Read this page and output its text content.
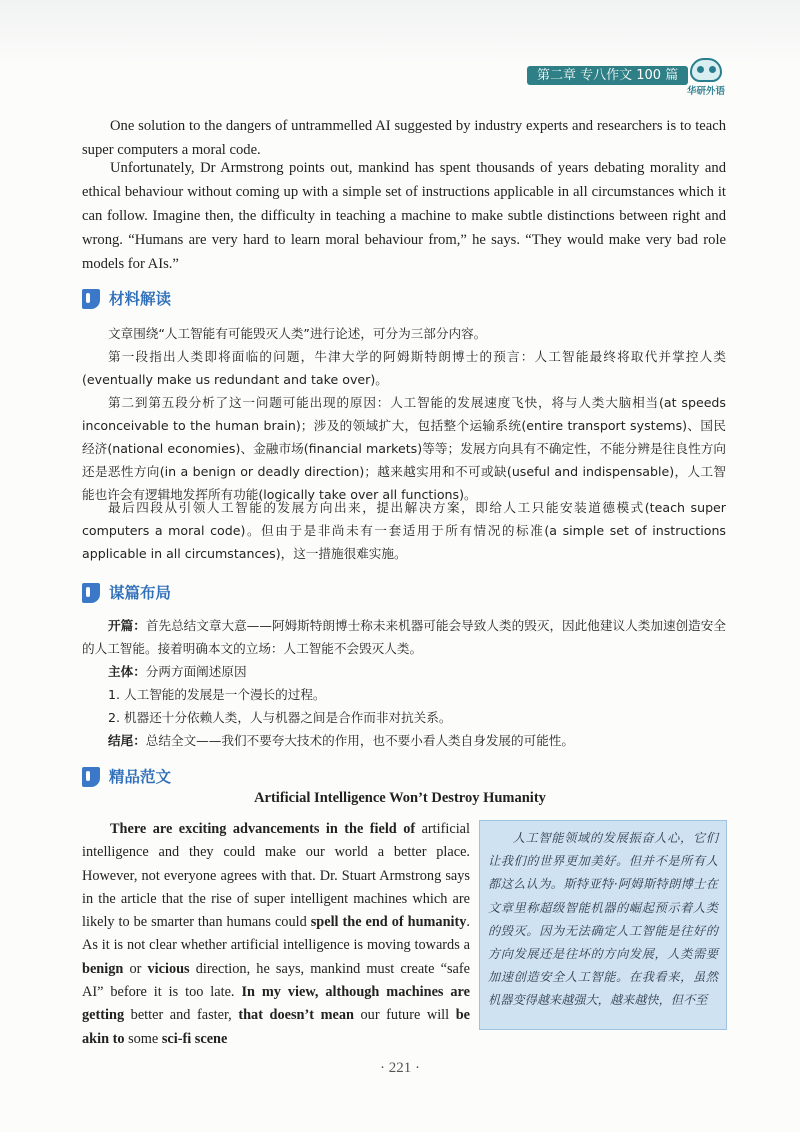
第二章 专八作文 100 篇
华研外语

One solution to the dangers of untrammelled AI suggested by industry experts and researchers is to teach super computers a moral code.

Unfortunately, Dr Armstrong points out, mankind has spent thousands of years debating morality and ethical behaviour without coming up with a simple set of instructions applicable in all circumstances which it can follow. Imagine then, the difficulty in teaching a machine to make subtle distinctions between right and wrong. “Humans are very hard to learn moral behaviour from,” he says. “They would make very bad role models for AIs.”

材料解读

文章围绕“人工智能有可能毁灭人类”进行论述，可分为三部分内容。

第一段指出人类即将面临的问题，牛津大学的阿姆斯特朗博士的预言：人工智能最终将取代并掌控人类(eventually make us redundant and take over)。

第二到第五段分析了这一问题可能出现的原因：人工智能的发展速度飞快，将与人类大脑相当(at speeds inconceivable to the human brain)；涉及的领域扩大，包括整个运输系统(entire transport systems)、国民经济(national economies)、金融市场(financial markets)等等；发展方向具有不确定性，不能分辨是往良性方向还是恶性方向(in a benign or deadly direction)；越来越实用和不可或缺(useful and indispensable)，人工智能也许会有逻辑地发挥所有功能(logically take over all functions)。

最后四段从引领人工智能的发展方向出来，提出解决方案，即给人工只能安装道德模式(teach super computers a moral code)。但由于是非尚未有一套适用于所有情况的标准(a simple set of instructions applicable in all circumstances)，这一措施很难实施。

谋篇布局

开篇：首先总结文章大意——阿姆斯特朗博士称未来机器可能会导致人类的毁灭，因此他建议人类加速创造安全的人工智能。接着明确本文的立场：人工智能不会毁灭人类。

主体：分两方面阐述原因

1. 人工智能的发展是一个漫长的过程。

2. 机器还十分依赖人类，人与机器之间是合作而非对抗关系。

结尾：总结全文——我们不要夸大技术的作用，也不要小看人类自身发展的可能性。

精品范文
Artificial Intelligence Won’t Destroy Humanity

There are exciting advancements in the field of artificial intelligence and they could make our world a better place. However, not everyone agrees with that. Dr. Stuart Armstrong says in the article that the rise of super intelligent machines which are likely to be smarter than humans could spell the end of humanity. As it is not clear whether artificial intelligence is moving towards a benign or vicious direction, he says, mankind must create “safe AI” before it is too late. In my view, although machines are getting better and faster, that doesn’t mean our future will be akin to some sci-fi scene

人工智能领域的发展振奋人心，它们让我们的世界更加美好。但并不是所有人都这么认为。斯特亚特·阿姆斯特朗博士在文章里称超级智能机器的崛起预示着人类的毁灭。因为无法确定人工智能是往好的方向发展还是往坏的方向发展，人类需要加速创造安全人工智能。在我看来，虽然机器变得越来越强大，越来越快，但不至
· 221 ·
